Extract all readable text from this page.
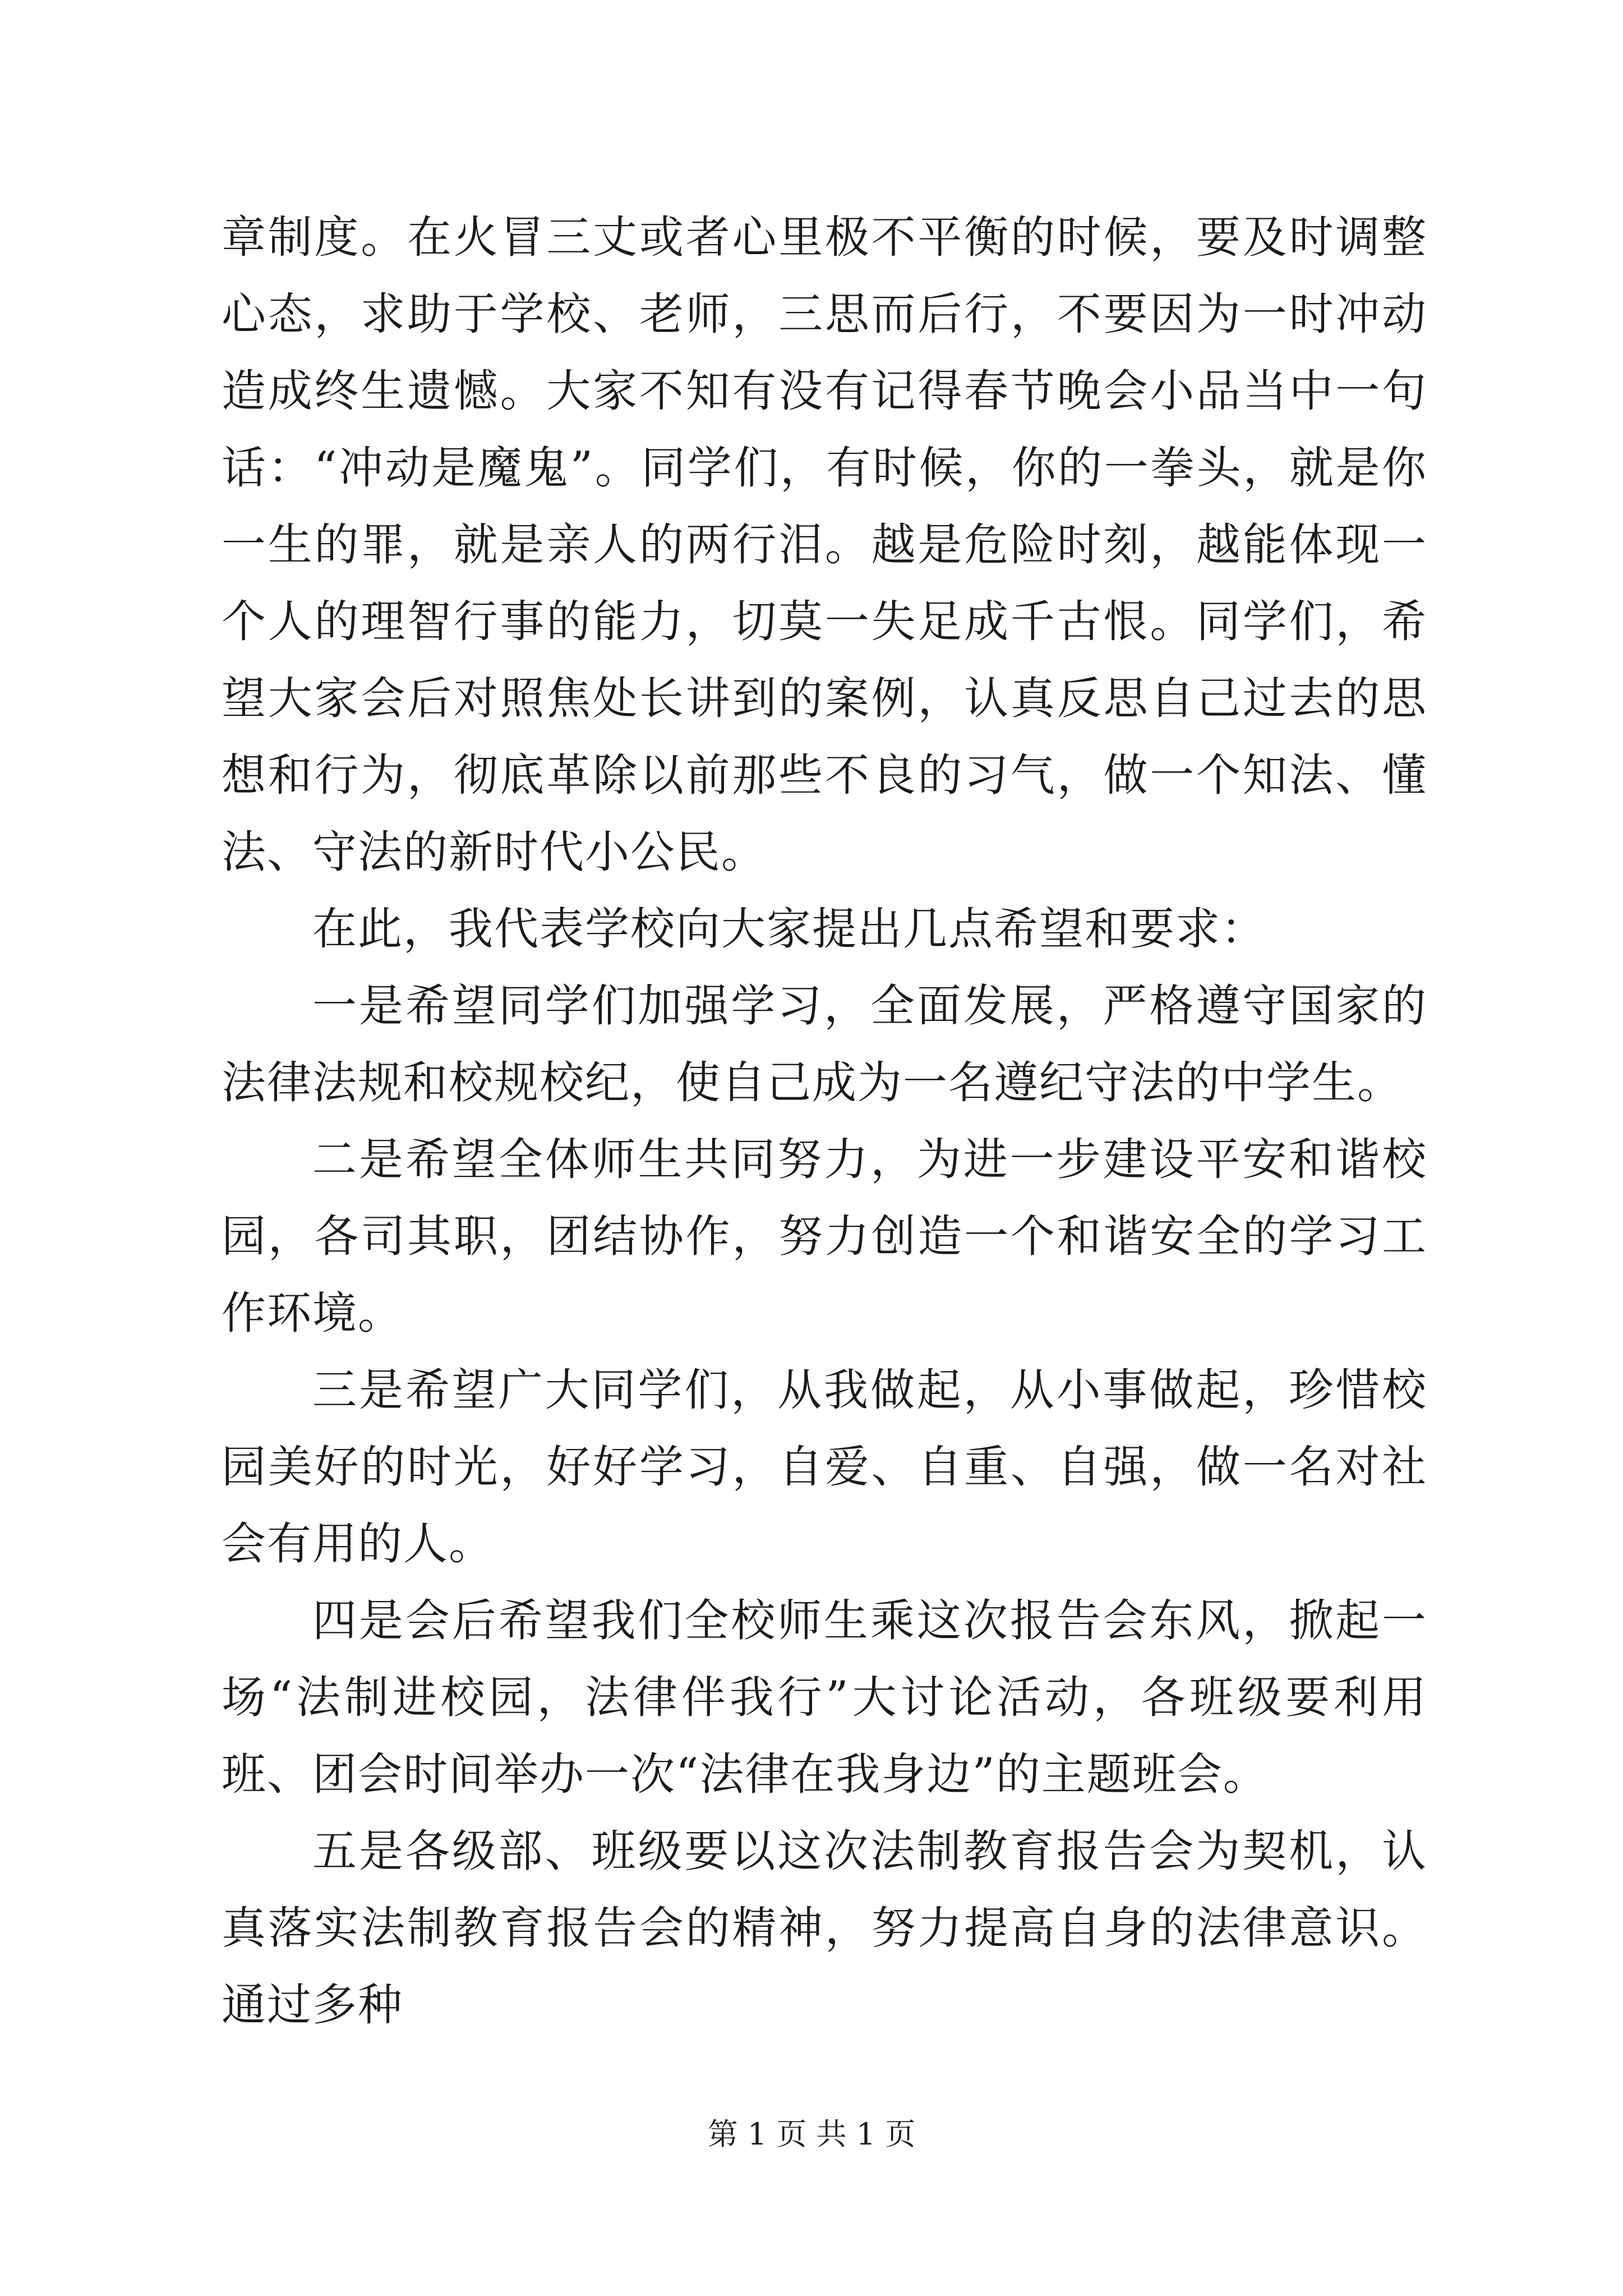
章制度。在火冒三丈或者心里极不平衡的时候，要及时调整心态，求助于学校、老师，三思而后行，不要因为一时冲动造成终生遗憾。大家不知有没有记得春节晚会小品当中一句话：“冲动是魔鬼”。同学们，有时候，你的一拳头，就是你一生的罪，就是亲人的两行泪。越是危险时刻，越能体现一个人的理智行事的能力，切莫一失足成千古恨。同学们，希望大家会后对照焦处长讲到的案例，认真反思自己过去的思想和行为，彻底革除以前那些不良的习气，做一个知法、懂法、守法的新时代小公民。

在此，我代表学校向大家提出几点希望和要求：

一是希望同学们加强学习，全面发展，严格遵守国家的法律法规和校规校纪，使自己成为一名遵纪守法的中学生。

二是希望全体师生共同努力，为进一步建设平安和谐校园，各司其职，团结协作，努力创造一个和谐安全的学习工作环境。

三是希望广大同学们，从我做起，从小事做起，珍惜校园美好的时光，好好学习，自爱、自重、自强，做一名对社会有用的人。

四是会后希望我们全校师生乘这次报告会东风，掀起一场“法制进校园，法律伴我行”大讨论活动，各班级要利用班、团会时间举办一次“法律在我身边”的主题班会。

五是各级部、班级要以这次法制教育报告会为契机，认真落实法制教育报告会的精神，努力提高自身的法律意识。通过多种

第 1 页 共 1 页
